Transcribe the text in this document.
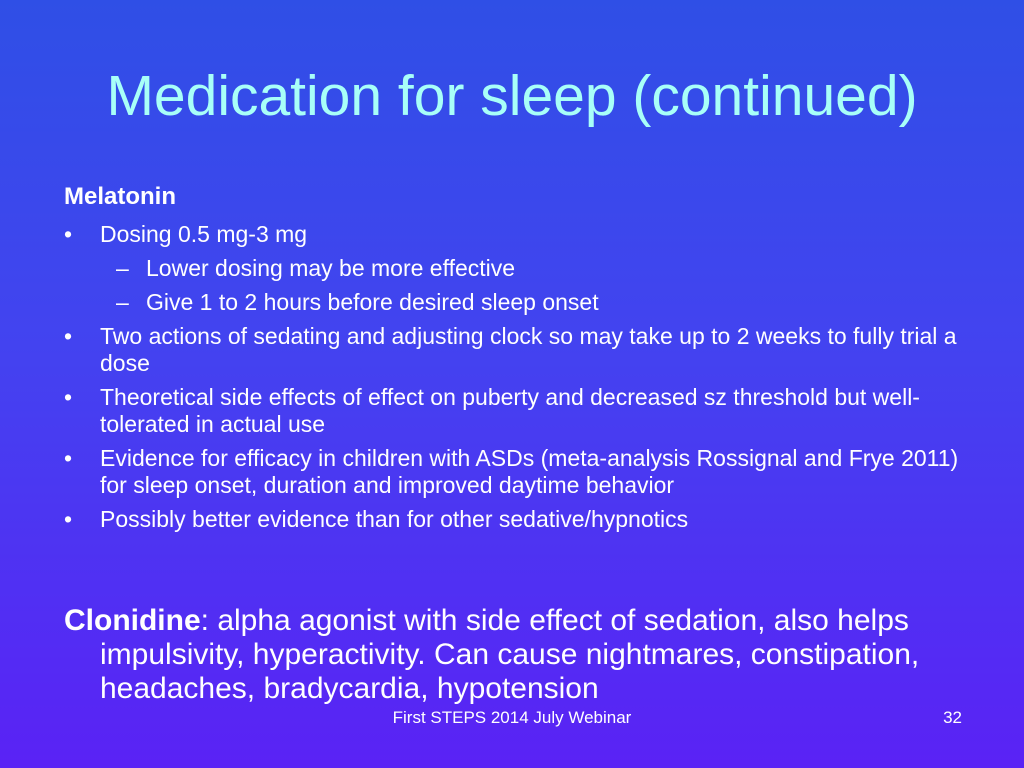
Medication for sleep (continued)

Melatonin

• Dosing 0.5 mg-3 mg
– Lower dosing may be more effective
– Give 1 to 2 hours before desired sleep onset
• Two actions of sedating and adjusting clock so may take up to 2 weeks to fully trial a dose
• Theoretical side effects of effect on puberty and decreased sz threshold but well-tolerated in actual use
• Evidence for efficacy in children with ASDs (meta-analysis Rossignal and Frye 2011) for sleep onset, duration and improved daytime behavior
• Possibly better evidence than for other sedative/hypnotics
Clonidine: alpha agonist with side effect of sedation, also helps impulsivity, hyperactivity. Can cause nightmares, constipation, headaches, bradycardia, hypotension
First STEPS 2014 July Webinar	32
